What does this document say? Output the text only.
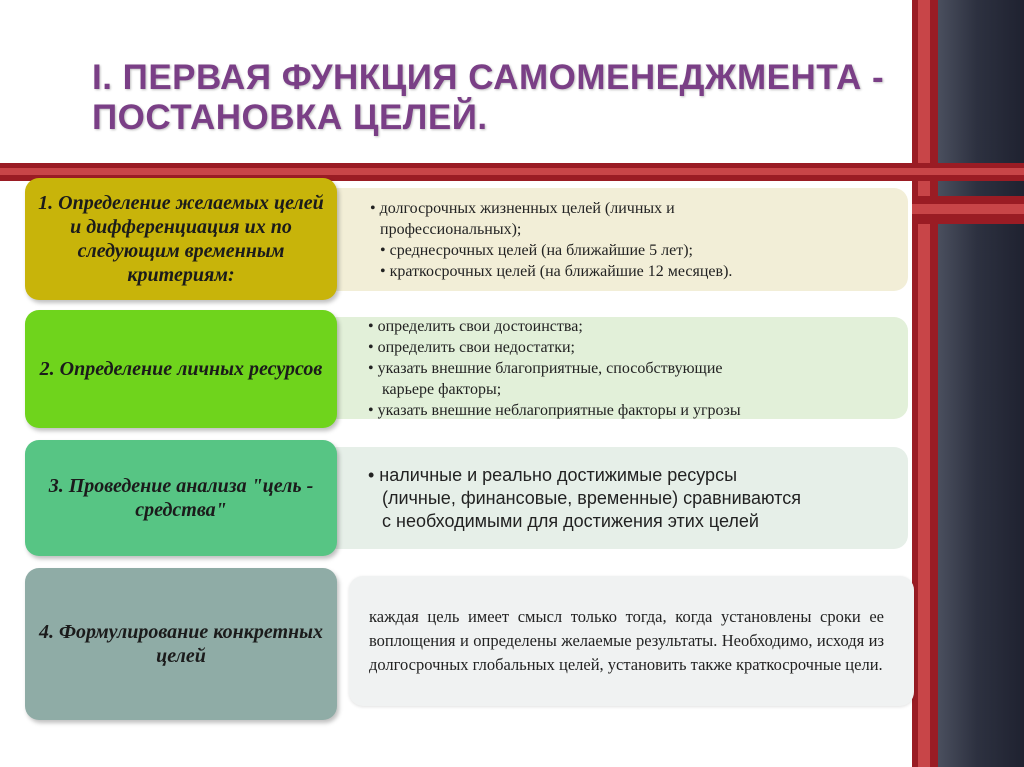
I. ПЕРВАЯ ФУНКЦИЯ САМОМЕНЕДЖМЕНТА -
ПОСТАНОВКА ЦЕЛЕЙ.
• долгосрочных жизненных целей (личных и
профессиональных);
• среднесрочных целей (на ближайшие 5 лет);
• краткосрочных целей (на ближайшие 12 месяцев).
1. Определение желаемых целей и дифференциация их по следующим временным критериям:
• определить свои достоинства;
• определить свои недостатки;
• указать внешние благоприятные, способствующие
карьере факторы;
• указать внешние неблагоприятные факторы и угрозы
2. Определение личных ресурсов
• наличные и реально достижимые ресурсы
(личные, финансовые, временные) сравниваются
с необходимыми для достижения этих целей
3. Проведение анализа "цель - средства"
каждая цель имеет смысл только тогда, когда установлены сроки ее воплощения и определены желаемые результаты. Необходимо, исходя из долгосрочных глобальных целей, установить также краткосрочные цели.
4. Формулирование конкретных целей
